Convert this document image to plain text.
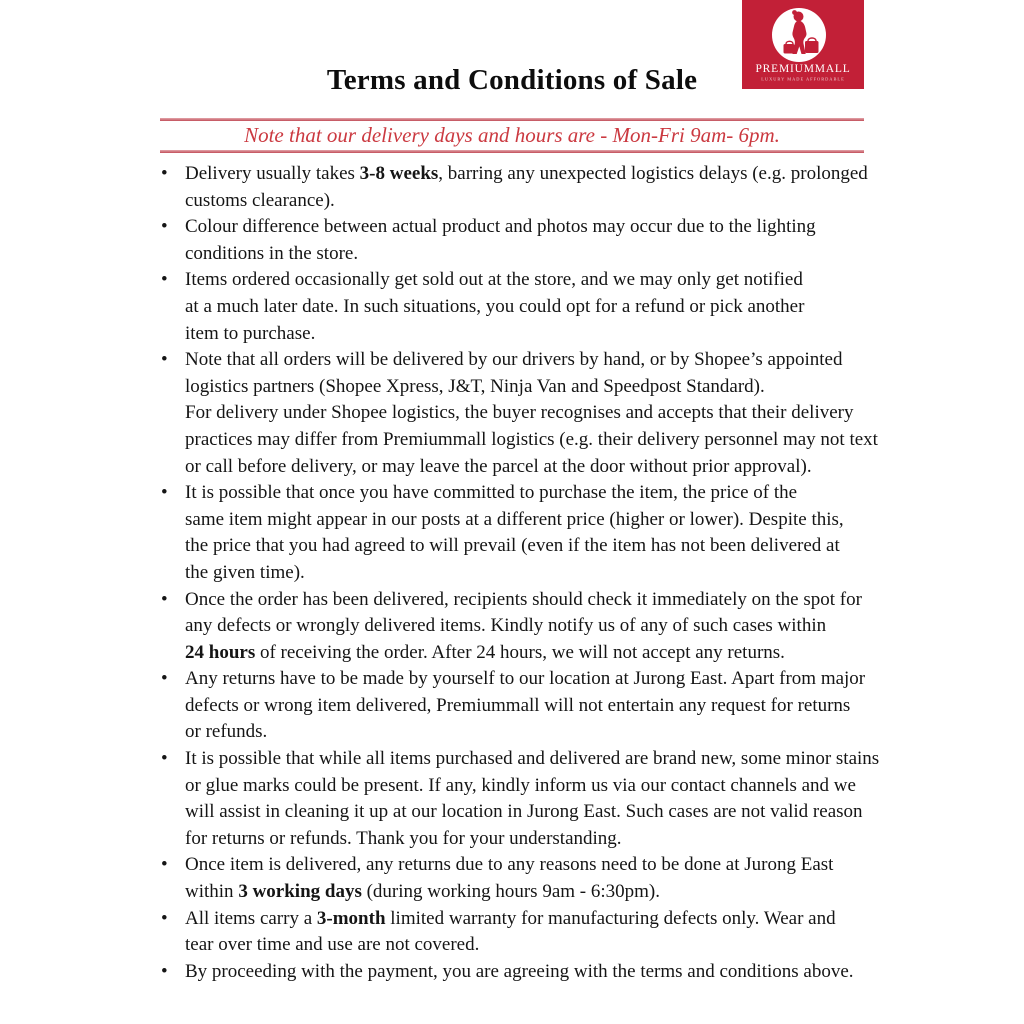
PREMIUMMALL
LUXURY MADE AFFORDABLE
Terms and Conditions of Sale
Note that our delivery days and hours are - Mon-Fri 9am- 6pm.
• Delivery usually takes 3-8 weeks, barring any unexpected logistics delays (e.g. prolonged
customs clearance).
• Colour difference between actual product and photos may occur due to the lighting
conditions in the store.
• Items ordered occasionally get sold out at the store, and we may only get notified
at a much later date. In such situations, you could opt for a refund or pick another
item to purchase.
• Note that all orders will be delivered by our drivers by hand, or by Shopee’s appointed
logistics partners (Shopee Xpress, J&T, Ninja Van and Speedpost Standard).
For delivery under Shopee logistics, the buyer recognises and accepts that their delivery
practices may differ from Premiummall logistics (e.g. their delivery personnel may not text
or call before delivery, or may leave the parcel at the door without prior approval).
• It is possible that once you have committed to purchase the item, the price of the
same item might appear in our posts at a different price (higher or lower). Despite this,
the price that you had agreed to will prevail (even if the item has not been delivered at
the given time).
• Once the order has been delivered, recipients should check it immediately on the spot for
any defects or wrongly delivered items. Kindly notify us of any of such cases within
24 hours of receiving the order. After 24 hours, we will not accept any returns.
• Any returns have to be made by yourself to our location at Jurong East. Apart from major
defects or wrong item delivered, Premiummall will not entertain any request for returns
or refunds.
• It is possible that while all items purchased and delivered are brand new, some minor stains
or glue marks could be present. If any, kindly inform us via our contact channels and we
will assist in cleaning it up at our location in Jurong East. Such cases are not valid reason
for returns or refunds. Thank you for your understanding.
• Once item is delivered, any returns due to any reasons need to be done at Jurong East
within 3 working days (during working hours 9am - 6:30pm).
• All items carry a 3-month limited warranty for manufacturing defects only. Wear and
tear over time and use are not covered.
• By proceeding with the payment, you are agreeing with the terms and conditions above.
